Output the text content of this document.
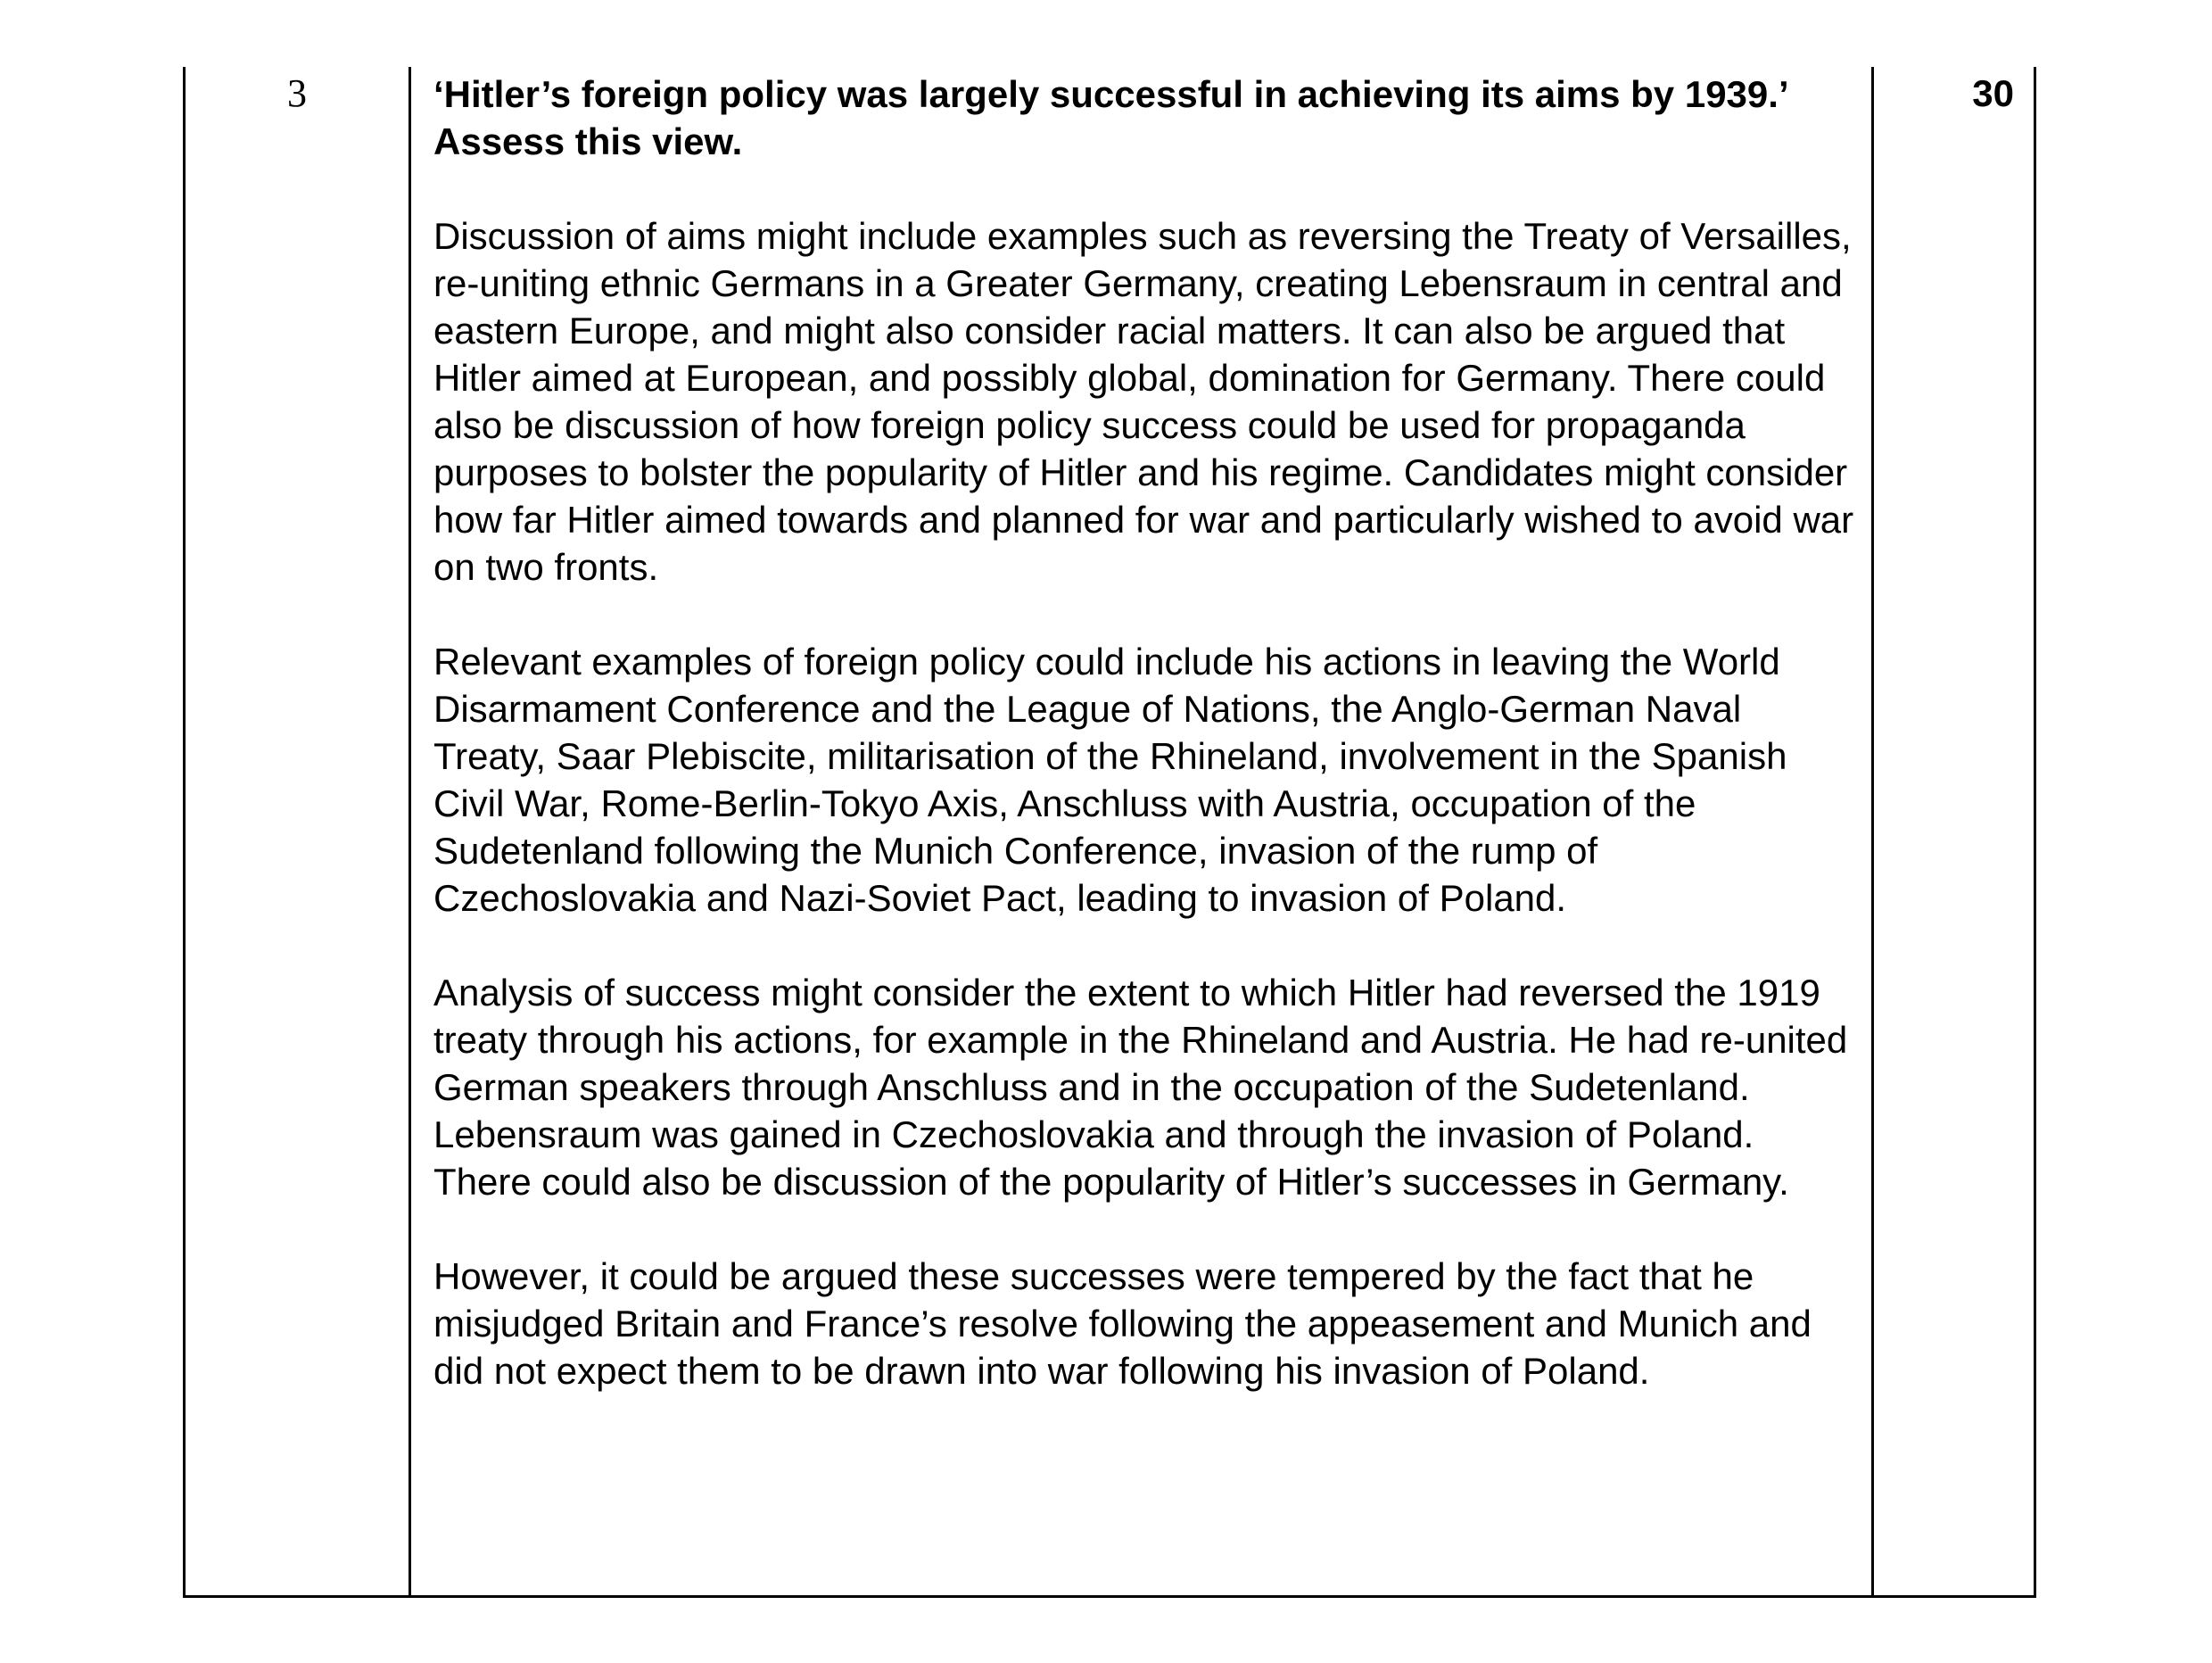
3	‘Hitler’s foreign policy was largely successful in achieving its aims by 1939.’ Assess this view.

Discussion of aims might include examples such as reversing the Treaty of Versailles, re-uniting ethnic Germans in a Greater Germany, creating Lebensraum in central and eastern Europe, and might also consider racial matters. It can also be argued that Hitler aimed at European, and possibly global, domination for Germany. There could also be discussion of how foreign policy success could be used for propaganda purposes to bolster the popularity of Hitler and his regime. Candidates might consider how far Hitler aimed towards and planned for war and particularly wished to avoid war on two fronts.

Relevant examples of foreign policy could include his actions in leaving the World Disarmament Conference and the League of Nations, the Anglo-German Naval Treaty, Saar Plebiscite, militarisation of the Rhineland, involvement in the Spanish Civil War, Rome-Berlin-Tokyo Axis, Anschluss with Austria, occupation of the Sudetenland following the Munich Conference, invasion of the rump of Czechoslovakia and Nazi-Soviet Pact, leading to invasion of Poland.

Analysis of success might consider the extent to which Hitler had reversed the 1919 treaty through his actions, for example in the Rhineland and Austria. He had re-united German speakers through Anschluss and in the occupation of the Sudetenland. Lebensraum was gained in Czechoslovakia and through the invasion of Poland. There could also be discussion of the popularity of Hitler’s successes in Germany.

However, it could be argued these successes were tempered by the fact that he misjudged Britain and France’s resolve following the appeasement and Munich and did not expect them to be drawn into war following his invasion of Poland.

30
